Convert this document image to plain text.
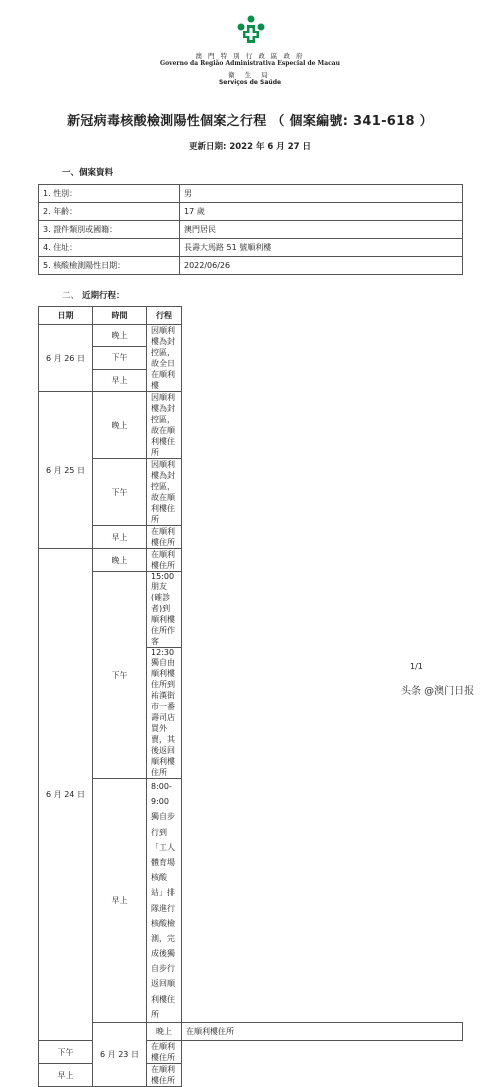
澳 門 特 別 行 政 區 政 府
Governo da Região Administrativa Especial de Macau
衛 生 局
Serviços de Saúde
新冠病毒核酸檢測陽性個案之行程 （ 個案編號: 341-618 ）
更新日期: 2022 年 6 月 27 日
一、個案資料
1. 性別：	男
2. 年齡：	17 歲
3. 證件類別或國籍：	澳門居民
4. 住址：	長壽大馬路 51 號順利樓
5. 核酸檢測陽性日期：	2022/06/26
二、 近期行程：
日期	時間	行程	
6 月 26 日	晚上	因順利樓為封控區，故全日在順利樓	
	下午		
	早上		
6 月 25 日	晚上	因順利樓為封控區，故在順利樓住所	
	下午	因順利樓為封控區，故在順利樓住所	
	早上	在順利樓住所	
6 月 24 日	晚上	在順利樓住所	
	下午	15:00 朋友(確診者)到順利樓住所作客	
		12:30 獨自由順利樓住所到祐漢街市一番壽司店買外賣，其後返回順利樓住所	
	早上	8:00-9:00 獨自步行到「工人體育場核酸站」排隊進行核酸檢測，完成後獨自步行返回順利樓住所	
	6 月 23 日	晚上	在順利樓住所
下午		在順利樓住所	
早上		在順利樓住所	
1/1
头条 @澳门日报
